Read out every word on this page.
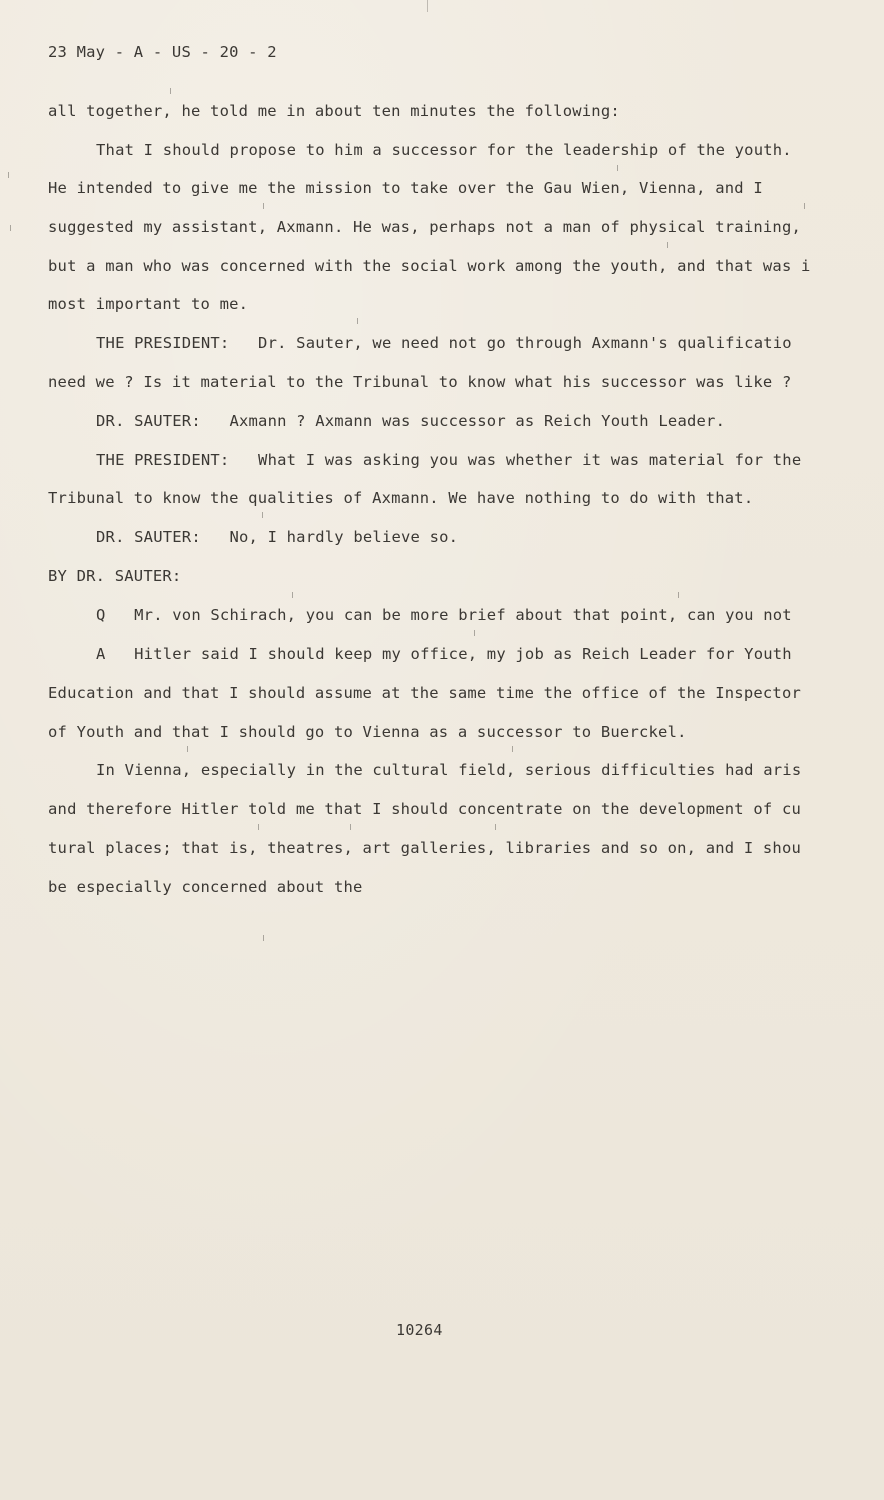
23 May - A - US - 20 - 2
all together, he told me in about ten minutes the following:
That I should propose to him a successor for the leadership of the youth.
He intended to give me the mission to take over the Gau Wien, Vienna, and I
suggested my assistant, Axmann. He was, perhaps not a man of physical training,
but a man who was concerned with the social work among the youth, and that was i
most important to me.
THE PRESIDENT:   Dr. Sauter, we need not go through Axmann's qualificatio
need we ? Is it material to the Tribunal to know what his successor was like ?
DR. SAUTER:   Axmann ? Axmann was successor as Reich Youth Leader.
THE PRESIDENT:   What I was asking you was whether it was material for the
Tribunal to know the qualities of Axmann. We have nothing to do with that.
DR. SAUTER:   No, I hardly believe so.
BY DR. SAUTER:
Q   Mr. von Schirach, you can be more brief about that point, can you not
A   Hitler said I should keep my office, my job as Reich Leader for Youth
Education and that I should assume at the same time the office of the Inspector
of Youth and that I should go to Vienna as a successor to Buerckel.
In Vienna, especially in the cultural field, serious difficulties had aris
and therefore Hitler told me that I should concentrate on the development of cu
tural places; that is, theatres, art galleries, libraries and so on, and I shou
be especially concerned about the
10264
